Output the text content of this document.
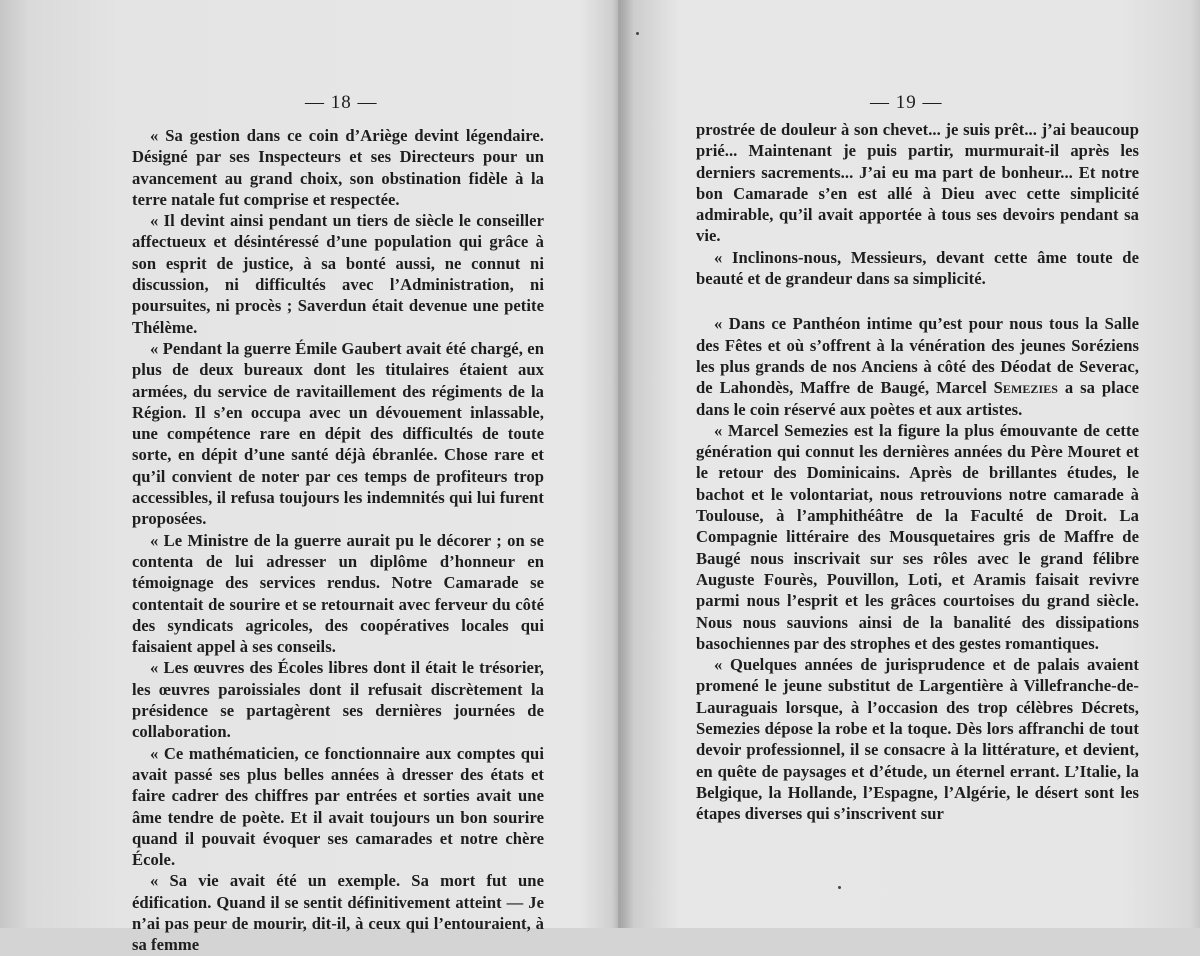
— 18 —

« Sa gestion dans ce coin d’Ariège devint légendaire. Désigné par ses Inspecteurs et ses Directeurs pour un avancement au grand choix, son obstination fidèle à la terre natale fut comprise et respectée.

« Il devint ainsi pendant un tiers de siècle le conseiller affectueux et désintéressé d’une population qui grâce à son esprit de justice, à sa bonté aussi, ne connut ni discussion, ni difficultés avec l’Administration, ni poursuites, ni procès ; Saverdun était devenue une petite Thélème.

« Pendant la guerre Émile Gaubert avait été chargé, en plus de deux bureaux dont les titulaires étaient aux armées, du service de ravitaillement des régiments de la Région. Il s’en occupa avec un dévouement inlassable, une compétence rare en dépit des difficultés de toute sorte, en dépit d’une santé déjà ébranlée. Chose rare et qu’il convient de noter par ces temps de profiteurs trop accessibles, il refusa toujours les indemnités qui lui furent proposées.

« Le Ministre de la guerre aurait pu le décorer ; on se contenta de lui adresser un diplôme d’honneur en témoignage des services rendus. Notre Camarade se contentait de sourire et se retournait avec ferveur du côté des syndicats agricoles, des coopératives locales qui faisaient appel à ses conseils.

« Les œuvres des Écoles libres dont il était le trésorier, les œuvres paroissiales dont il refusait discrètement la présidence se partagèrent ses dernières journées de collaboration.

« Ce mathématicien, ce fonctionnaire aux comptes qui avait passé ses plus belles années à dresser des états et faire cadrer des chiffres par entrées et sorties avait une âme tendre de poète. Et il avait toujours un bon sourire quand il pouvait évoquer ses camarades et notre chère École.

« Sa vie avait été un exemple. Sa mort fut une édification. Quand il se sentit définitivement atteint — Je n’ai pas peur de mourir, dit-il, à ceux qui l’entouraient, à sa femme

— 19 —

prostrée de douleur à son chevet... je suis prêt... j’ai beaucoup prié... Maintenant je puis partir, murmurait-il après les derniers sacrements... J’ai eu ma part de bonheur... Et notre bon Camarade s’en est allé à Dieu avec cette simplicité admirable, qu’il avait apportée à tous ses devoirs pendant sa vie.

« Inclinons-nous, Messieurs, devant cette âme toute de beauté et de grandeur dans sa simplicité.

« Dans ce Panthéon intime qu’est pour nous tous la Salle des Fêtes et où s’offrent à la vénération des jeunes Soréziens les plus grands de nos Anciens à côté des Déodat de Severac, de Lahondès, Maffre de Baugé, Marcel Semezies a sa place dans le coin réservé aux poètes et aux artistes.

« Marcel Semezies est la figure la plus émouvante de cette génération qui connut les dernières années du Père Mouret et le retour des Dominicains. Après de brillantes études, le bachot et le volontariat, nous retrouvions notre camarade à Toulouse, à l’amphithéâtre de la Faculté de Droit. La Compagnie littéraire des Mousquetaires gris de Maffre de Baugé nous inscrivait sur ses rôles avec le grand félibre Auguste Fourès, Pouvillon, Loti, et Aramis faisait revivre parmi nous l’esprit et les grâces courtoises du grand siècle. Nous nous sauvions ainsi de la banalité des dissipations basochiennes par des strophes et des gestes romantiques.

« Quelques années de jurisprudence et de palais avaient promené le jeune substitut de Largentière à Villefranche-de-Lauraguais lorsque, à l’occasion des trop célèbres Décrets, Semezies dépose la robe et la toque. Dès lors affranchi de tout devoir professionnel, il se consacre à la littérature, et devient, en quête de paysages et d’étude, un éternel errant. L’Italie, la Belgique, la Hollande, l’Espagne, l’Algérie, le désert sont les étapes diverses qui s’inscrivent sur
